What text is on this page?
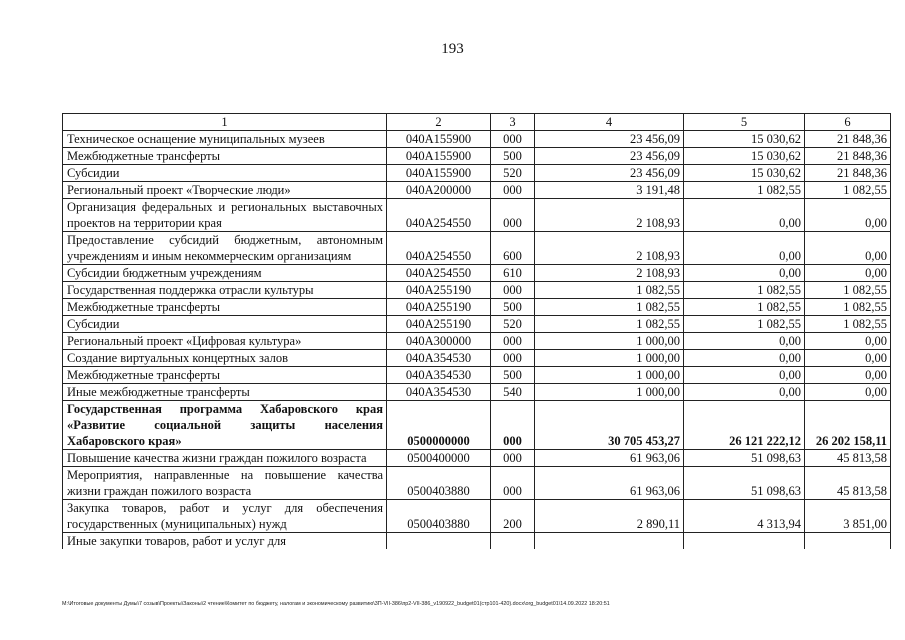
193
1	2	3	4	5	6
Техническое оснащение муниципальных музеев	040A155900	000	23 456,09	15 030,62	21 848,36
Межбюджетные трансферты	040A155900	500	23 456,09	15 030,62	21 848,36
Субсидии	040A155900	520	23 456,09	15 030,62	21 848,36
Региональный проект «Творческие люди»	040A200000	000	3 191,48	1 082,55	1 082,55
Организация федеральных и региональных выставочных проектов на территории края	040A254550	000	2 108,93	0,00	0,00
Предоставление субсидий бюджетным, автономным учреждениям и иным некоммерческим организациям	040A254550	600	2 108,93	0,00	0,00
Субсидии бюджетным учреждениям	040A254550	610	2 108,93	0,00	0,00
Государственная поддержка отрасли культуры	040A255190	000	1 082,55	1 082,55	1 082,55
Межбюджетные трансферты	040A255190	500	1 082,55	1 082,55	1 082,55
Субсидии	040A255190	520	1 082,55	1 082,55	1 082,55
Региональный проект «Цифровая культура»	040A300000	000	1 000,00	0,00	0,00
Создание виртуальных концертных залов	040A354530	000	1 000,00	0,00	0,00
Межбюджетные трансферты	040A354530	500	1 000,00	0,00	0,00
Иные межбюджетные трансферты	040A354530	540	1 000,00	0,00	0,00
Государственная программа Хабаровского края «Развитие социальной защиты населения Хабаровского края»	0500000000	000	30 705 453,27	26 121 222,12	26 202 158,11
Повышение качества жизни граждан пожилого возраста	0500400000	000	61 963,06	51 098,63	45 813,58
Мероприятия, направленные на повышение качества жизни граждан пожилого возраста	0500403880	000	61 963,06	51 098,63	45 813,58
Закупка товаров, работ и услуг для обеспечения государственных (муниципальных) нужд	0500403880	200	2 890,11	4 313,94	3 851,00
Иные закупки товаров, работ и услуг для					
M:\Итоговые документы Думы\7 созыв\Проекты\Законы\2 чтение\Комитет по бюджету, налогам и экономическому развитию\3П-VII-386\пр2-VII-386_v190922_budget01(стр101-420).docx\org_budget01\14.09.2022 18:20:51
